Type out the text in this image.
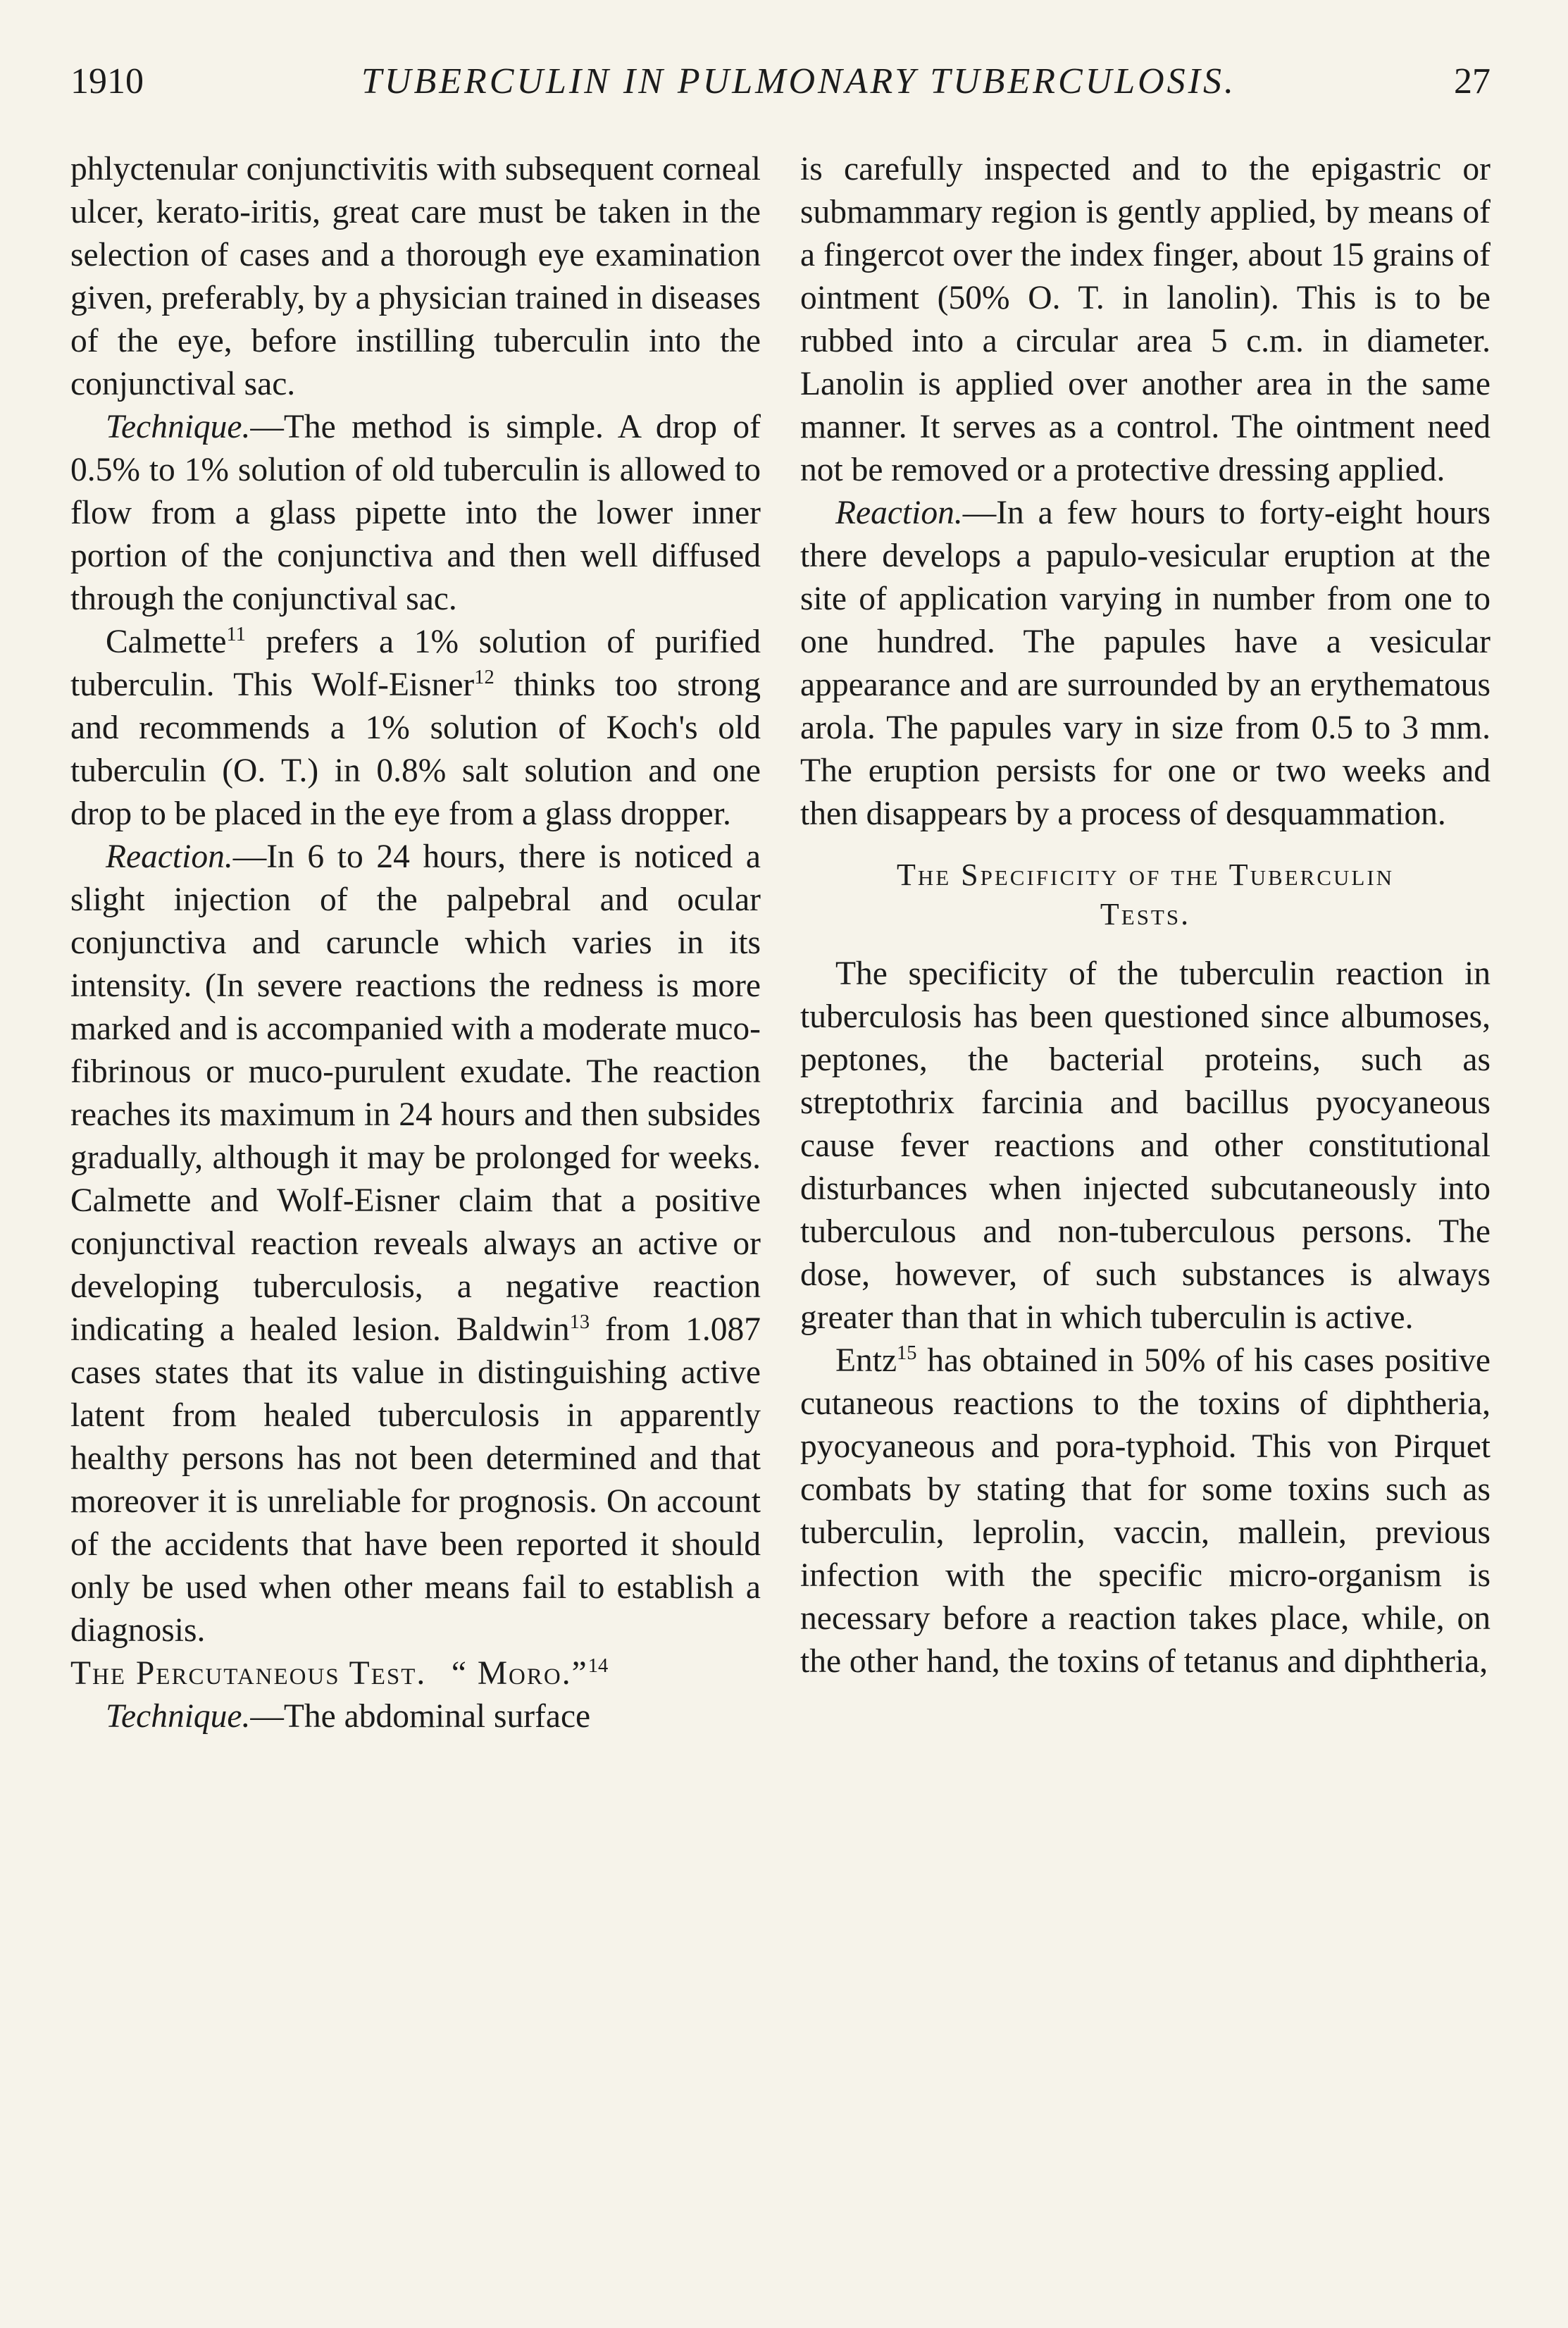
1910	TUBERCULIN IN PULMONARY TUBERCULOSIS.	27

phlyctenular conjunctivitis with subsequent corneal ulcer, kerato-iritis, great care must be taken in the selection of cases and a thorough eye examination given, preferably, by a physician trained in diseases of the eye, before instilling tuberculin into the conjunctival sac.

Technique.—The method is simple. A drop of 0.5% to 1% solution of old tuberculin is allowed to flow from a glass pipette into the lower inner portion of the conjunctiva and then well diffused through the conjunctival sac.

Calmette$^{11}$ prefers a 1% solution of purified tuberculin. This Wolf-Eisner$^{12}$ thinks too strong and recommends a 1% solution of Koch's old tuberculin (O. T.) in 0.8% salt solution and one drop to be placed in the eye from a glass dropper.

Reaction.—In 6 to 24 hours, there is noticed a slight injection of the palpebral and ocular conjunctiva and caruncle which varies in its intensity. (In severe reactions the redness is more marked and is accompanied with a moderate muco-fibrinous or muco-purulent exudate. The reaction reaches its maximum in 24 hours and then subsides gradually, although it may be prolonged for weeks. Calmette and Wolf-Eisner claim that a positive conjunctival reaction reveals always an active or developing tuberculosis, a negative reaction indicating a healed lesion. Baldwin$^{13}$ from 1.087 cases states that its value in distinguishing active latent from healed tuberculosis in apparently healthy persons has not been determined and that moreover it is unreliable for prognosis. On account of the accidents that have been reported it should only be used when other means fail to establish a diagnosis.

The Percutaneous Test. “ Moro.”$^{14}$

Technique.—The abdominal surface

is carefully inspected and to the epigastric or submammary region is gently applied, by means of a fingercot over the index finger, about 15 grains of ointment (50% O. T. in lanolin). This is to be rubbed into a circular area 5 c.m. in diameter. Lanolin is applied over another area in the same manner. It serves as a control. The ointment need not be removed or a protective dressing applied.

Reaction.—In a few hours to forty-eight hours there develops a papulo-vesicular eruption at the site of application varying in number from one to one hundred. The papules have a vesicular appearance and are surrounded by an erythematous arola. The papules vary in size from 0.5 to 3 mm. The eruption persists for one or two weeks and then disappears by a process of desquammation.

The Specificity of the Tuberculin
Tests.

The specificity of the tuberculin reaction in tuberculosis has been questioned since albumoses, peptones, the bacterial proteins, such as streptothrix farcinia and bacillus pyocyaneous cause fever reactions and other constitutional disturbances when injected subcutaneously into tuberculous and non-tuberculous persons. The dose, however, of such substances is always greater than that in which tuberculin is active.

Entz$^{15}$ has obtained in 50% of his cases positive cutaneous reactions to the toxins of diphtheria, pyocyaneous and pora-typhoid. This von Pirquet combats by stating that for some toxins such as tuberculin, leprolin, vaccin, mallein, previous infection with the specific micro-organism is necessary before a reaction takes place, while, on the other hand, the toxins of tetanus and diphtheria,
